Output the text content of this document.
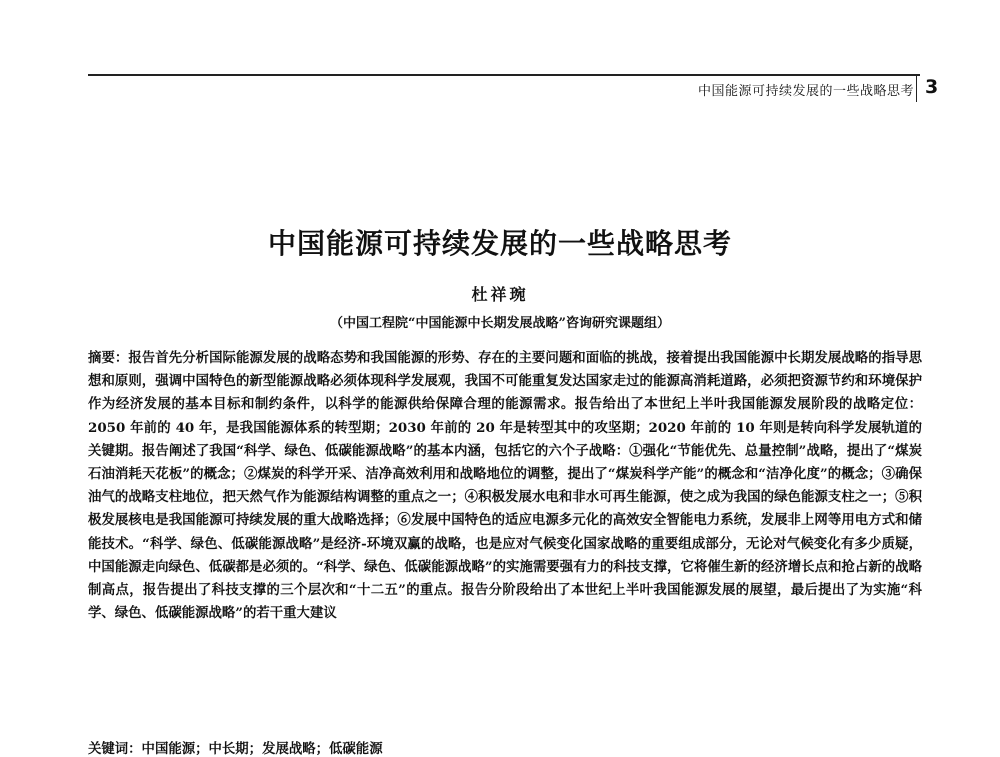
中国能源可持续发展的一些战略思考 3
中国能源可持续发展的一些战略思考
杜祥琬
（中国工程院“中国能源中长期发展战略”咨询研究课题组）

摘要：报告首先分析国际能源发展的战略态势和我国能源的形势、存在的主要问题和面临的挑战，接着提出我国能源中长期发展战略的指导思想和原则，强调中国特色的新型能源战略必须体现科学发展观，我国不可能重复发达国家走过的能源高消耗道路，必须把资源节约和环境保护作为经济发展的基本目标和制约条件，以科学的能源供给保障合理的能源需求。报告给出了本世纪上半叶我国能源发展阶段的战略定位：2050 年前的 40 年，是我国能源体系的转型期；2030 年前的 20 年是转型其中的攻坚期；2020 年前的 10 年则是转向科学发展轨道的关键期。报告阐述了我国“科学、绿色、低碳能源战略”的基本内涵，包括它的六个子战略：①强化“节能优先、总量控制”战略，提出了“煤炭石油消耗天花板”的概念；②煤炭的科学开采、洁净高效利用和战略地位的调整，提出了“煤炭科学产能”的概念和“洁净化度”的概念；③确保油气的战略支柱地位，把天然气作为能源结构调整的重点之一；④积极发展水电和非水可再生能源，使之成为我国的绿色能源支柱之一；⑤积极发展核电是我国能源可持续发展的重大战略选择；⑥发展中国特色的适应电源多元化的高效安全智能电力系统，发展非上网等用电方式和储能技术。“科学、绿色、低碳能源战略”是经济-环境双赢的战略，也是应对气候变化国家战略的重要组成部分，无论对气候变化有多少质疑，中国能源走向绿色、低碳都是必须的。“科学、绿色、低碳能源战略”的实施需要强有力的科技支撑，它将催生新的经济增长点和抢占新的战略制高点，报告提出了科技支撑的三个层次和“十二五”的重点。报告分阶段给出了本世纪上半叶我国能源发展的展望，最后提出了为实施“科学、绿色、低碳能源战略”的若干重大建议

关键词：中国能源；中长期；发展战略；低碳能源
